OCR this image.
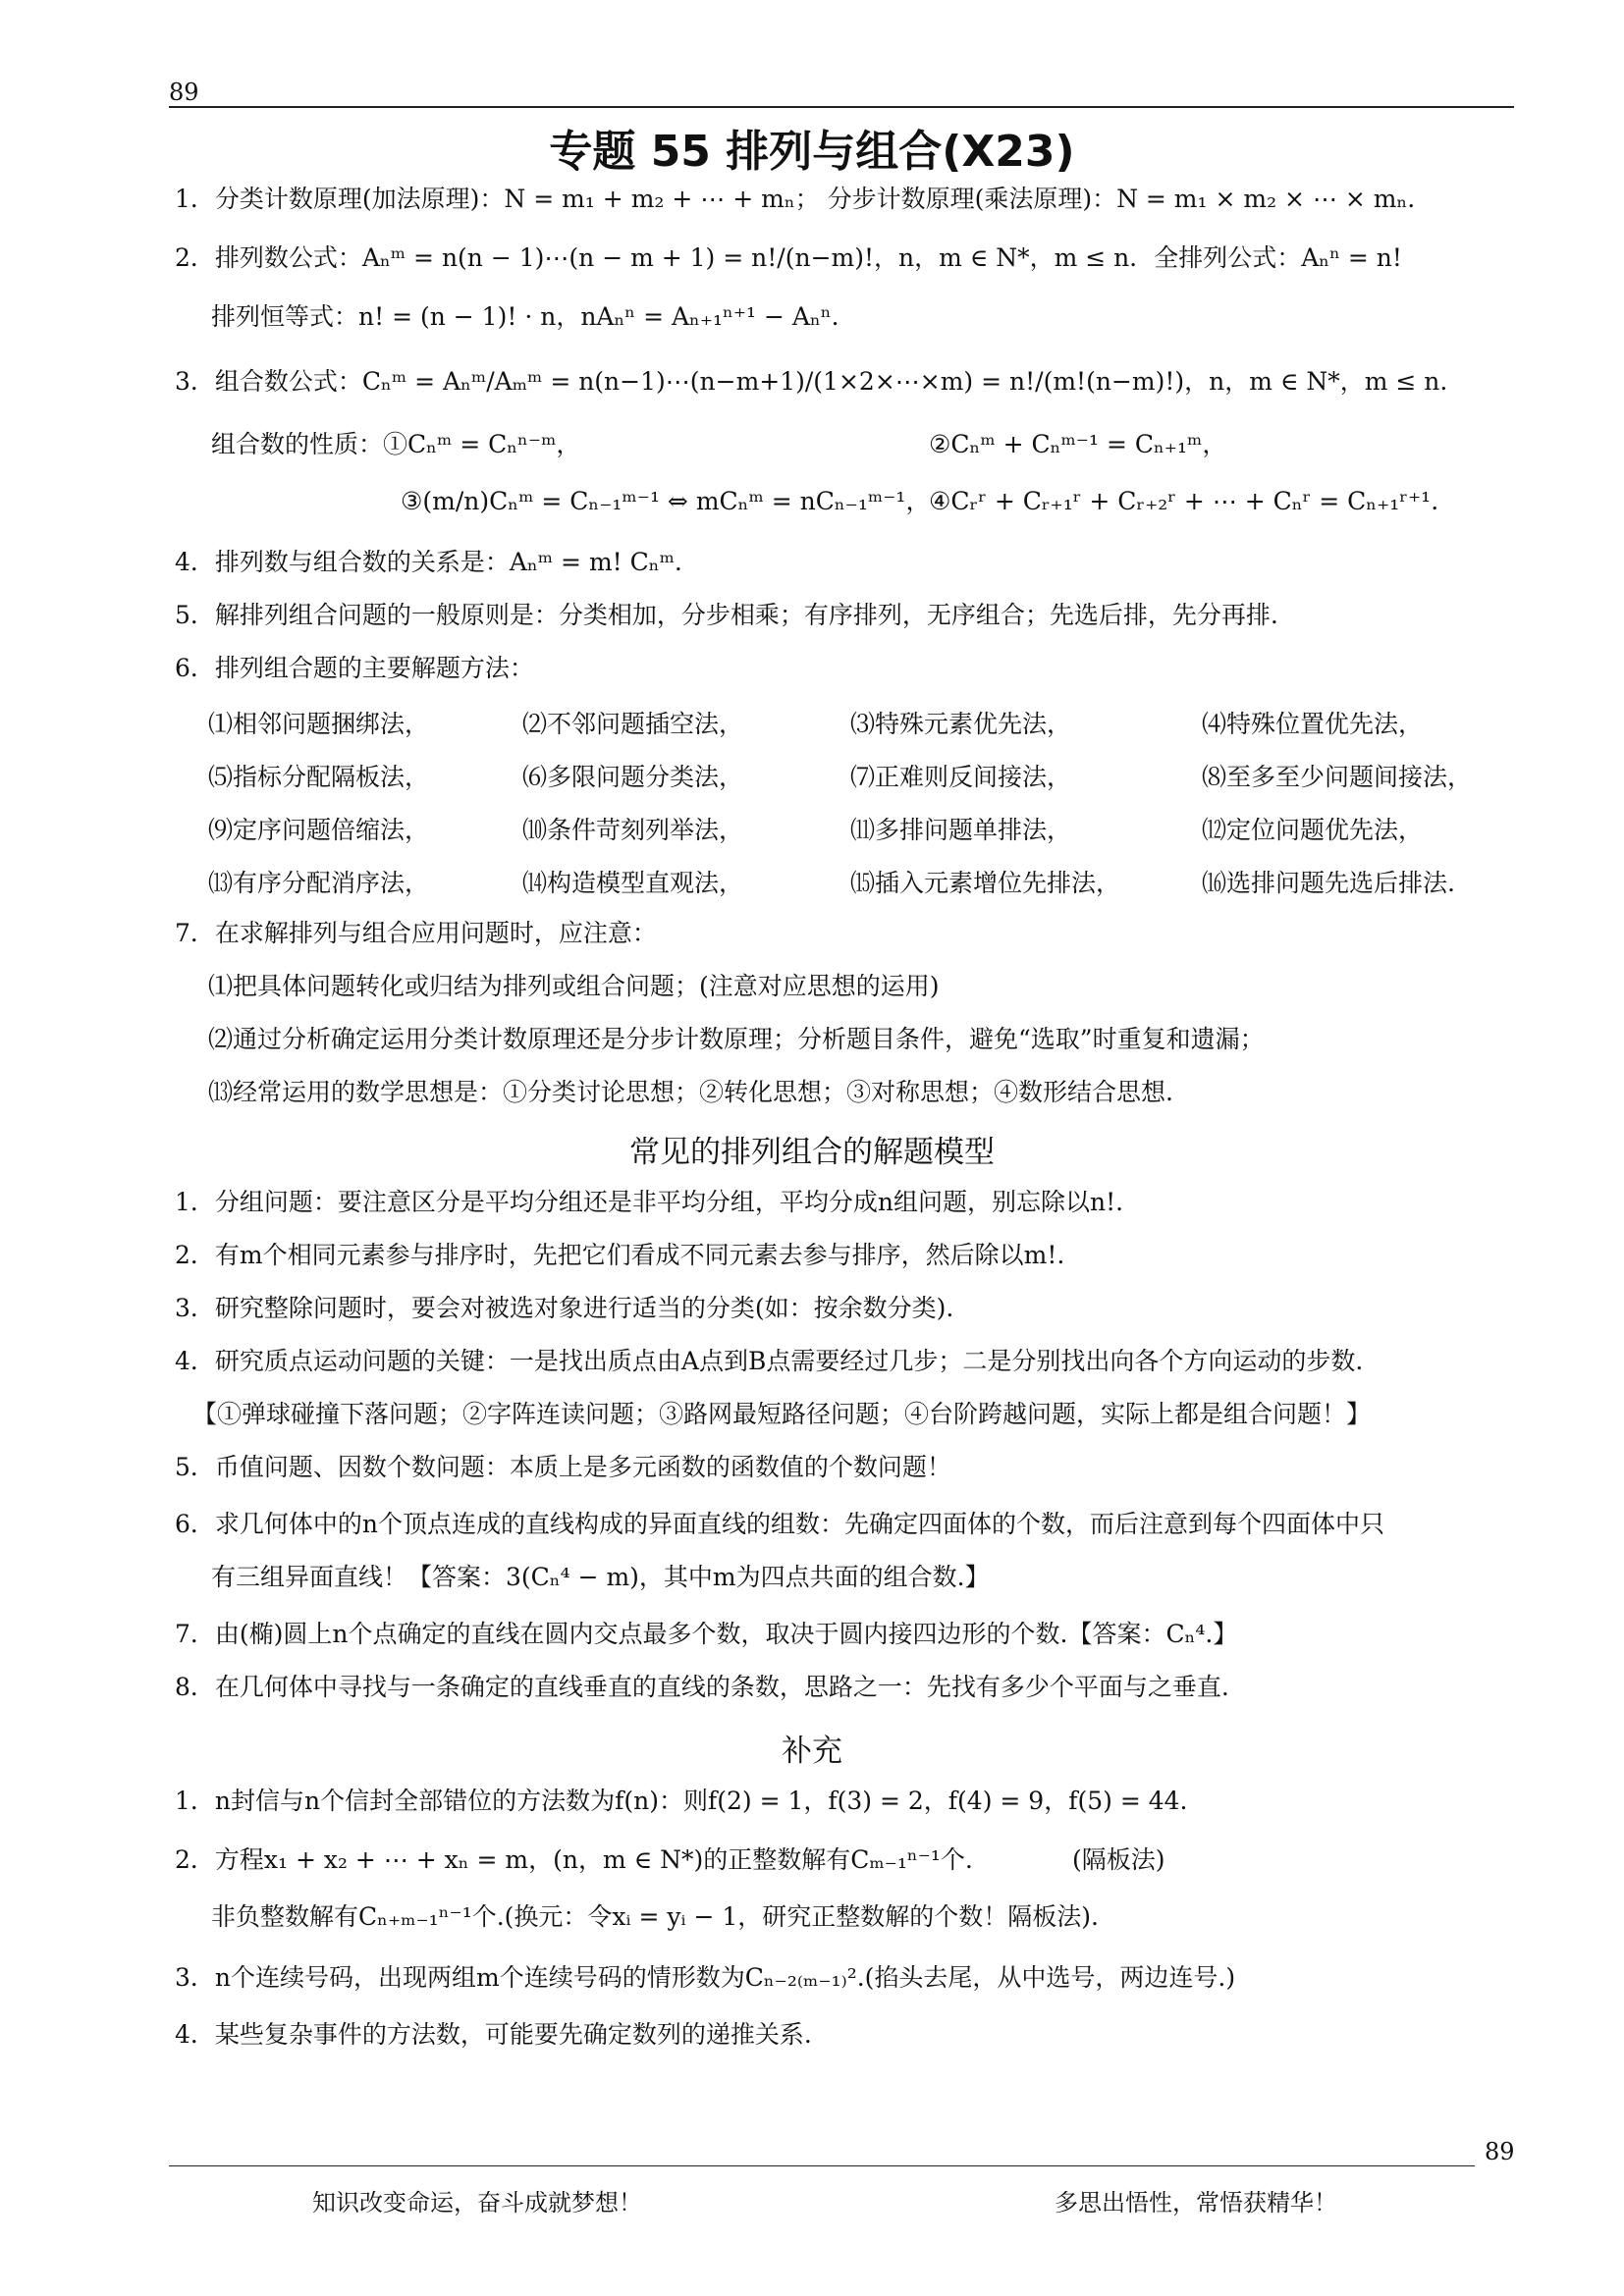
89
专题 55 排列与组合(X23)
1．分类计数原理(加法原理)：N = m₁ + m₂ + ⋯ + mₙ； 分步计数原理(乘法原理)：N = m₁ × m₂ × ⋯ × mₙ.
2．排列数公式：Aₙᵐ = n(n − 1)⋯(n − m + 1) = n!/(n−m)!，n，m ∈ N*，m ≤ n．全排列公式：Aₙⁿ = n!
排列恒等式：n! = (n − 1)! · n，nAₙⁿ = Aₙ₊₁ⁿ⁺¹ − Aₙⁿ.
3．组合数公式：Cₙᵐ = Aₙᵐ/Aₘᵐ = n(n−1)⋯(n−m+1)/(1×2×⋯×m) = n!/(m!(n−m)!)，n，m ∈ N*，m ≤ n.
组合数的性质：①Cₙᵐ = Cₙⁿ⁻ᵐ，	②Cₙᵐ + Cₙᵐ⁻¹ = Cₙ₊₁ᵐ，
③(m/n)Cₙᵐ = Cₙ₋₁ᵐ⁻¹ ⇔ mCₙᵐ = nCₙ₋₁ᵐ⁻¹，
④Cᵣʳ + Cᵣ₊₁ʳ + Cᵣ₊₂ʳ + ⋯ + Cₙʳ = Cₙ₊₁ʳ⁺¹.
4．排列数与组合数的关系是：Aₙᵐ = m! Cₙᵐ.
5．解排列组合问题的一般原则是：分类相加，分步相乘；有序排列，无序组合；先选后排，先分再排.
6．排列组合题的主要解题方法：
⑴相邻问题捆绑法，	⑵不邻问题插空法，	⑶特殊元素优先法，	⑷特殊位置优先法，
⑸指标分配隔板法，	⑹多限问题分类法，	⑺正难则反间接法，	⑻至多至少问题间接法，
⑼定序问题倍缩法，	⑽条件苛刻列举法，	⑾多排问题单排法，	⑿定位问题优先法，
⒀有序分配消序法，	⒁构造模型直观法，	⒂插入元素增位先排法，	⒃选排问题先选后排法.
7．在求解排列与组合应用问题时，应注意：
⑴把具体问题转化或归结为排列或组合问题；(注意对应思想的运用)
⑵通过分析确定运用分类计数原理还是分步计数原理；分析题目条件，避免“选取”时重复和遗漏；
⒀经常运用的数学思想是：①分类讨论思想；②转化思想；③对称思想；④数形结合思想.
常见的排列组合的解题模型
1．分组问题：要注意区分是平均分组还是非平均分组，平均分成n组问题，别忘除以n!.
2．有m个相同元素参与排序时，先把它们看成不同元素去参与排序，然后除以m!.
3．研究整除问题时，要会对被选对象进行适当的分类(如：按余数分类).
4．研究质点运动问题的关键：一是找出质点由A点到B点需要经过几步；二是分别找出向各个方向运动的步数.
【①弹球碰撞下落问题；②字阵连读问题；③路网最短路径问题；④台阶跨越问题，实际上都是组合问题！】
5．币值问题、因数个数问题：本质上是多元函数的函数值的个数问题！
6．求几何体中的n个顶点连成的直线构成的异面直线的组数：先确定四面体的个数，而后注意到每个四面体中只
有三组异面直线！【答案：3(Cₙ⁴ − m)，其中m为四点共面的组合数.】
7．由(椭)圆上n个点确定的直线在圆内交点最多个数，取决于圆内接四边形的个数.【答案：Cₙ⁴.】
8．在几何体中寻找与一条确定的直线垂直的直线的条数，思路之一：先找有多少个平面与之垂直.
补充
1．n封信与n个信封全部错位的方法数为f(n)：则f(2) = 1，f(3) = 2，f(4) = 9，f(5) = 44.
2．方程x₁ + x₂ + ⋯ + xₙ = m，(n，m ∈ N*)的正整数解有Cₘ₋₁ⁿ⁻¹个.	(隔板法)
非负整数解有Cₙ₊ₘ₋₁ⁿ⁻¹个.(换元：令xᵢ = yᵢ − 1，研究正整数解的个数！隔板法).
3．n个连续号码，出现两组m个连续号码的情形数为Cₙ₋₂₍ₘ₋₁₎².(掐头去尾，从中选号，两边连号.)
4．某些复杂事件的方法数，可能要先确定数列的递推关系.
89
知识改变命运，奋斗成就梦想！	多思出悟性，常悟获精华！
